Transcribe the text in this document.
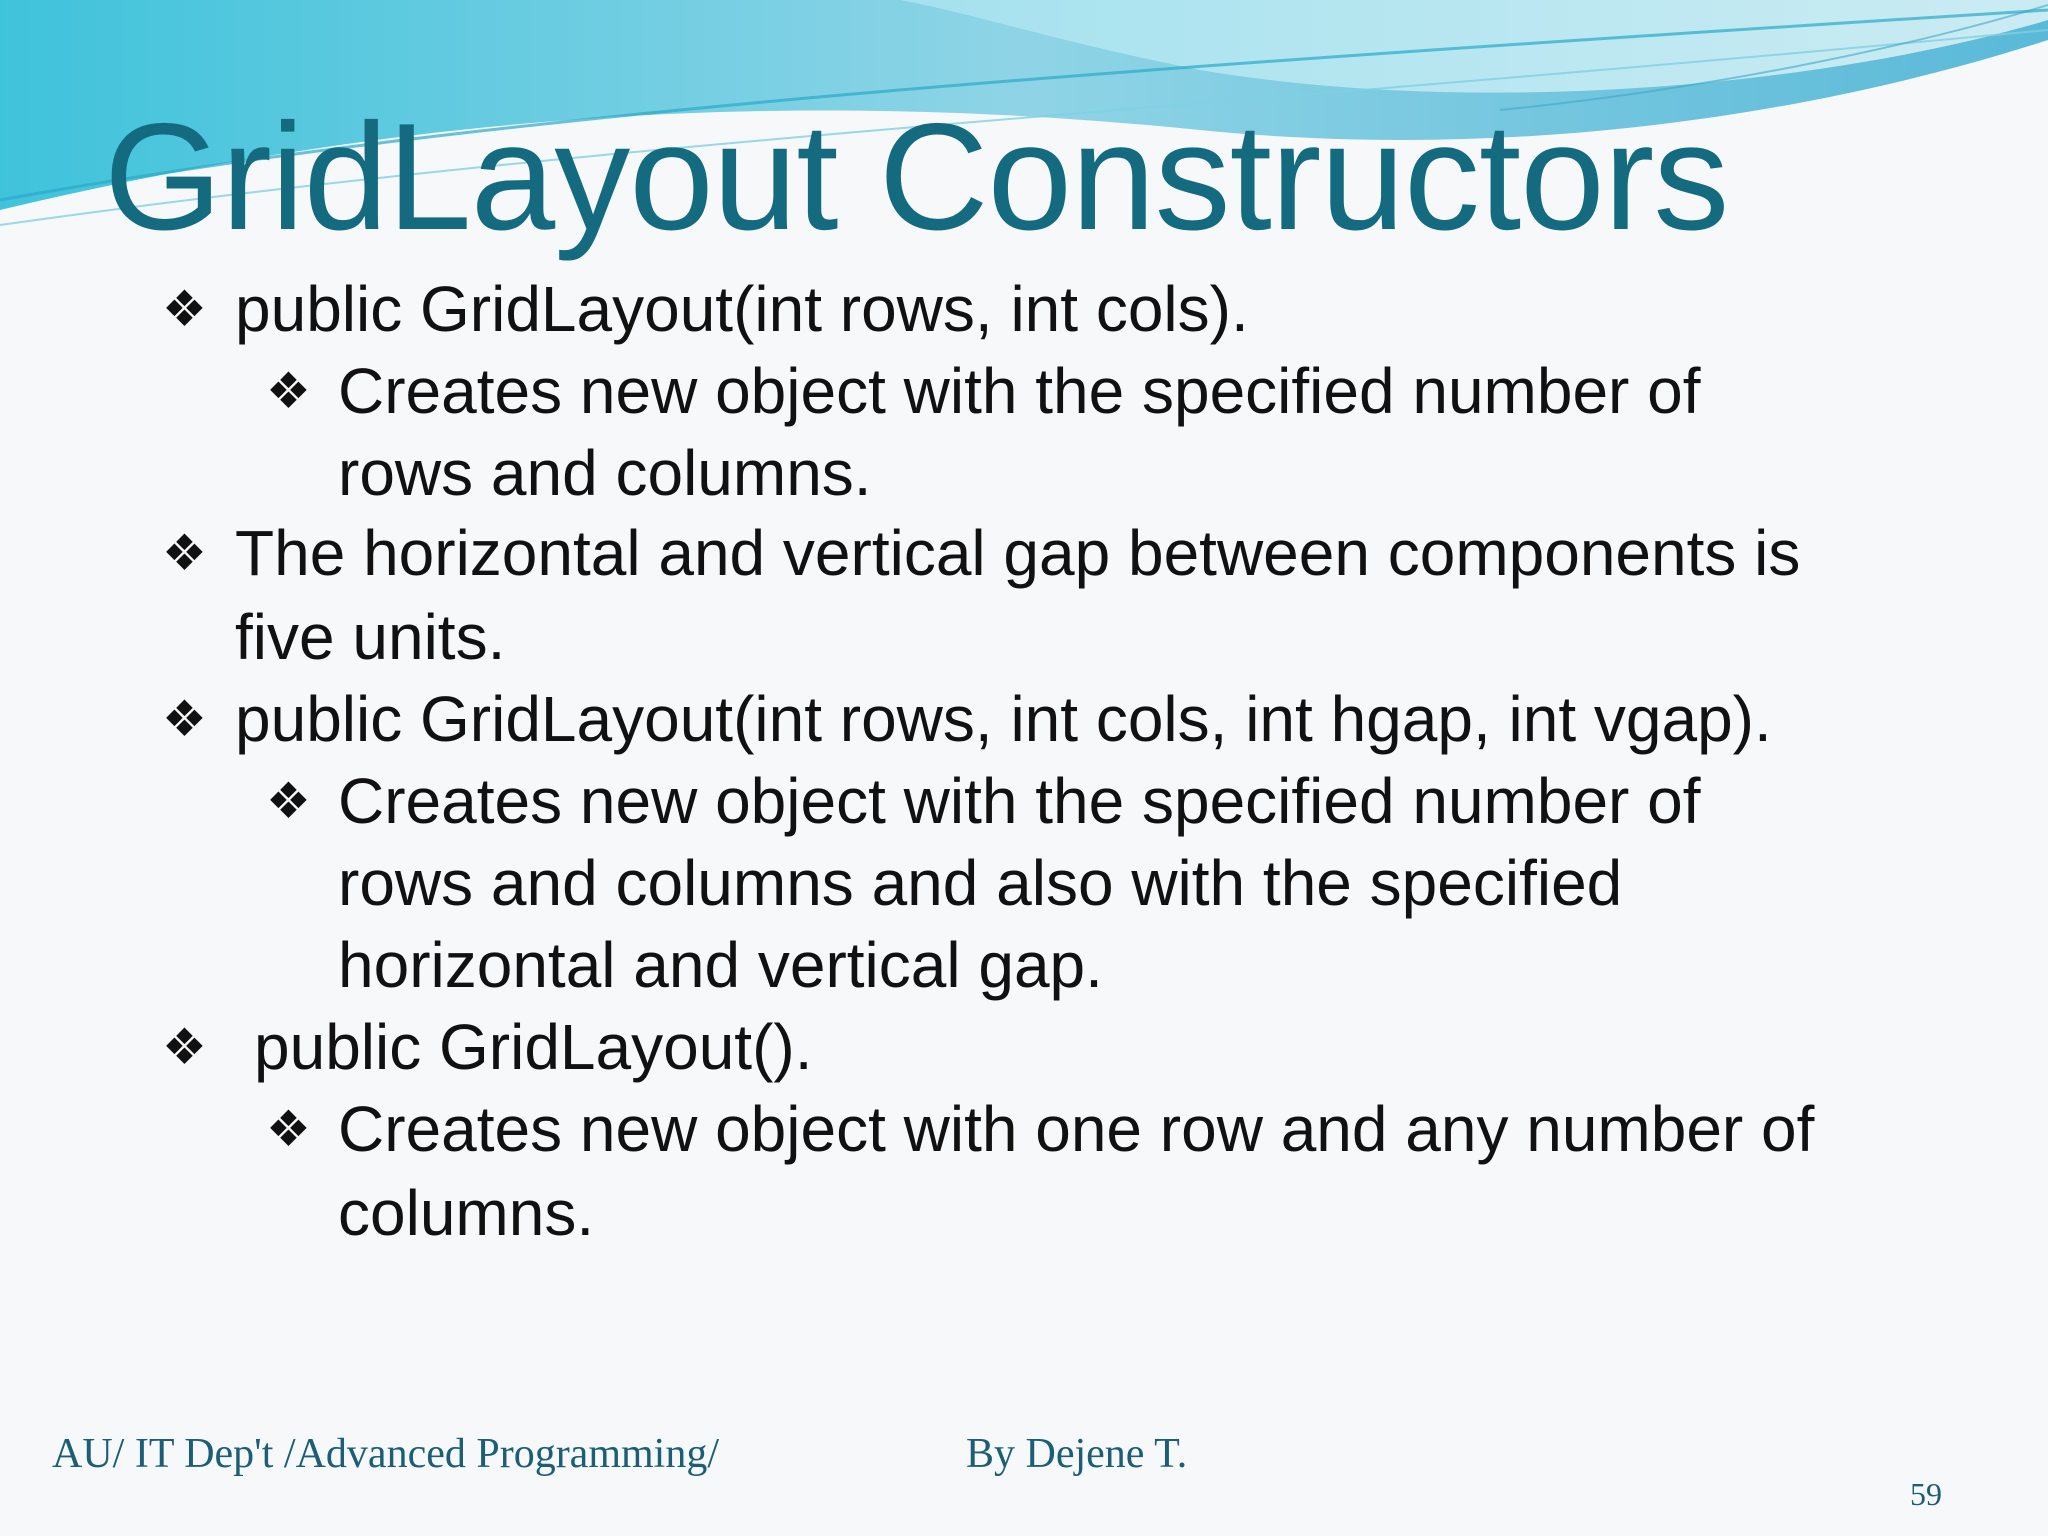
GridLayout Constructors
❖ public GridLayout(int rows, int cols).
❖ Creates new object with the specified number of
rows and columns.
❖ The horizontal and vertical gap between components is
five units.
❖ public GridLayout(int rows, int cols, int hgap, int vgap).
❖ Creates new object with the specified number of
rows and columns and also with the specified
horizontal and vertical gap.
❖ public GridLayout().
❖ Creates new object with one row and any number of
columns.
AU/ IT Dep't /Advanced Programming/	By Dejene T.
59
